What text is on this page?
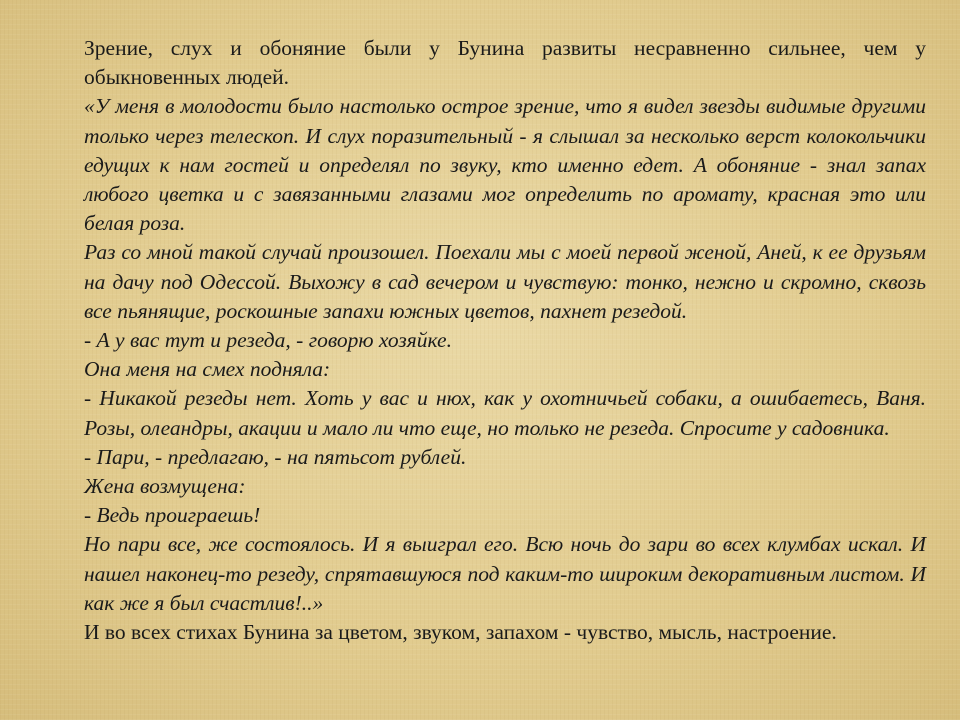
Зрение, слух и обоняние были у Бунина развиты несравненно сильнее, чем у обыкновенных людей.

«У меня в молодости было настолько острое зрение, что я видел звезды видимые другими только через телескоп. И слух поразительный - я слышал за несколько верст колокольчики едущих к нам гостей и определял по звуку, кто именно едет. А обоняние - знал запах любого цветка и с завязанными глазами мог определить по аромату, красная это или белая роза.

Раз со мной такой случай произошел. Поехали мы с моей первой женой, Аней, к ее друзьям на дачу под Одессой. Выхожу в сад вечером и чувствую: тонко, нежно и скромно, сквозь все пьянящие, роскошные запахи южных цветов, пахнет резедой.

- А у вас тут и резеда, - говорю хозяйке.

Она меня на смех подняла:

- Никакой резеды нет. Хоть у вас и нюх, как у охотничьей собаки, а ошибаетесь, Ваня. Розы, олеандры, акации и мало ли что еще, но только не резеда. Спросите у садовника.

- Пари, - предлагаю, - на пятьсот рублей.

Жена возмущена:

- Ведь проиграешь!

Но пари все, же состоялось. И я выиграл его. Всю ночь до зари во всех клумбах искал. И нашел наконец-то резеду, спрятавшуюся под каким-то широким декоративным листом. И как же я был счастлив!..»

И во всех стихах Бунина за цветом, звуком, запахом - чувство, мысль, настроение.
